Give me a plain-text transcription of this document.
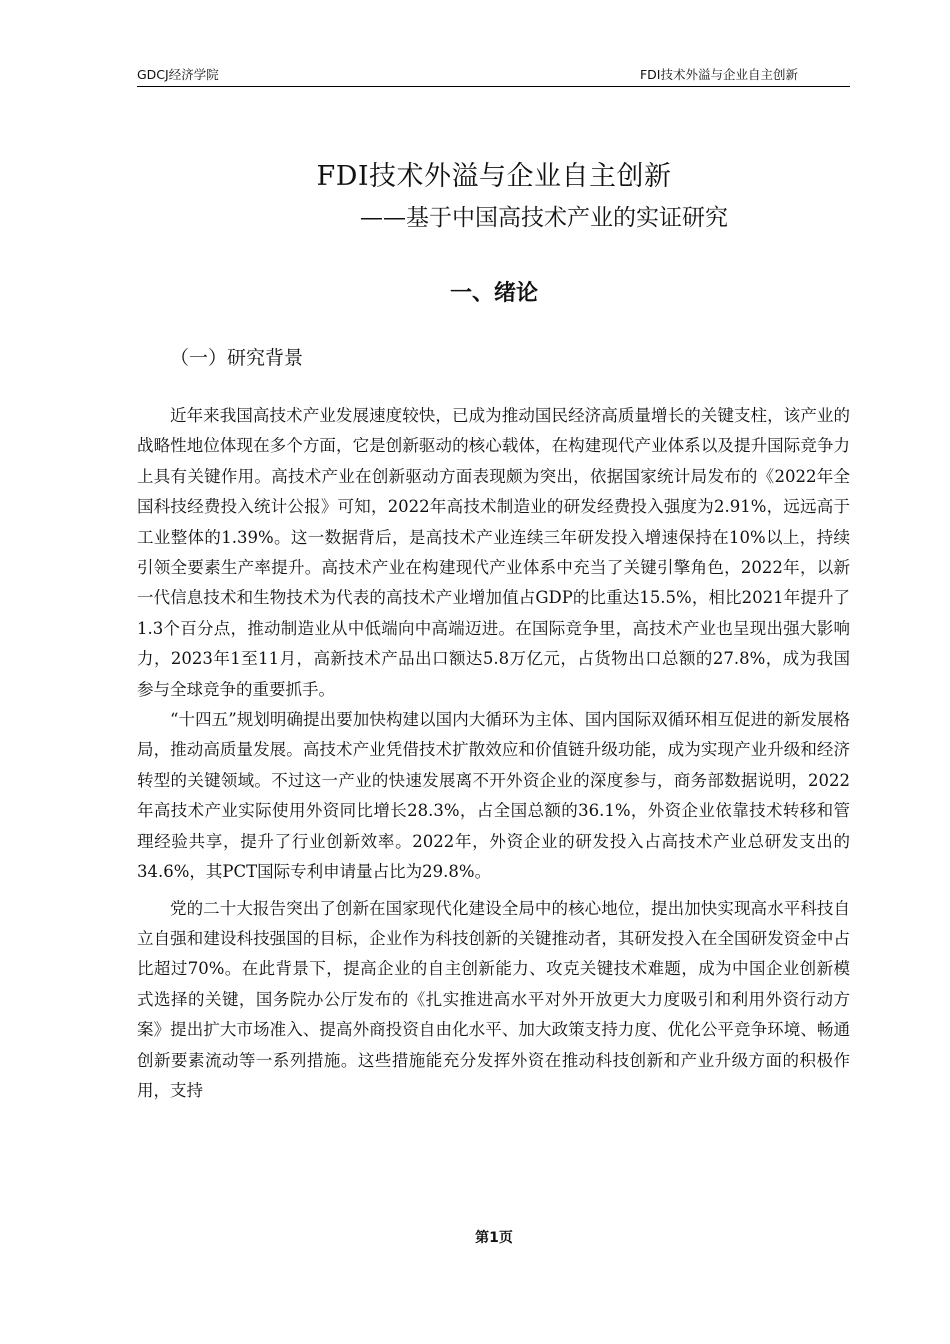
GDCJ经济学院	FDI技术外溢与企业自主创新
FDI技术外溢与企业自主创新
——基于中国高技术产业的实证研究
一、绪论
（一）研究背景

近年来我国高技术产业发展速度较快，已成为推动国民经济高质量增长的关键支柱，该产业的战略性地位体现在多个方面，它是创新驱动的核心载体，在构建现代产业体系以及提升国际竞争力上具有关键作用。高技术产业在创新驱动方面表现颇为突出，依据国家统计局发布的《2022年全国科技经费投入统计公报》可知，2022年高技术制造业的研发经费投入强度为2.91%，远远高于工业整体的1.39%。这一数据背后，是高技术产业连续三年研发投入增速保持在10%以上，持续引领全要素生产率提升。高技术产业在构建现代产业体系中充当了关键引擎角色，2022年，以新一代信息技术和生物技术为代表的高技术产业增加值占GDP的比重达15.5%，相比2021年提升了1.3个百分点，推动制造业从中低端向中高端迈进。在国际竞争里，高技术产业也呈现出强大影响力，2023年1至11月，高新技术产品出口额达5.8万亿元，占货物出口总额的27.8%，成为我国参与全球竞争的重要抓手。

“十四五”规划明确提出要加快构建以国内大循环为主体、国内国际双循环相互促进的新发展格局，推动高质量发展。高技术产业凭借技术扩散效应和价值链升级功能，成为实现产业升级和经济转型的关键领域。不过这一产业的快速发展离不开外资企业的深度参与，商务部数据说明，2022年高技术产业实际使用外资同比增长28.3%，占全国总额的36.1%，外资企业依靠技术转移和管理经验共享，提升了行业创新效率。2022年，外资企业的研发投入占高技术产业总研发支出的34.6%，其PCT国际专利申请量占比为29.8%。

党的二十大报告突出了创新在国家现代化建设全局中的核心地位，提出加快实现高水平科技自立自强和建设科技强国的目标，企业作为科技创新的关键推动者，其研发投入在全国研发资金中占比超过70%。在此背景下，提高企业的自主创新能力、攻克关键技术难题，成为中国企业创新模式选择的关键，国务院办公厅发布的《扎实推进高水平对外开放更大力度吸引和利用外资行动方案》提出扩大市场准入、提高外商投资自由化水平、加大政策支持力度、优化公平竞争环境、畅通创新要素流动等一系列措施。这些措施能充分发挥外资在推动科技创新和产业升级方面的积极作用，支持

第1页
